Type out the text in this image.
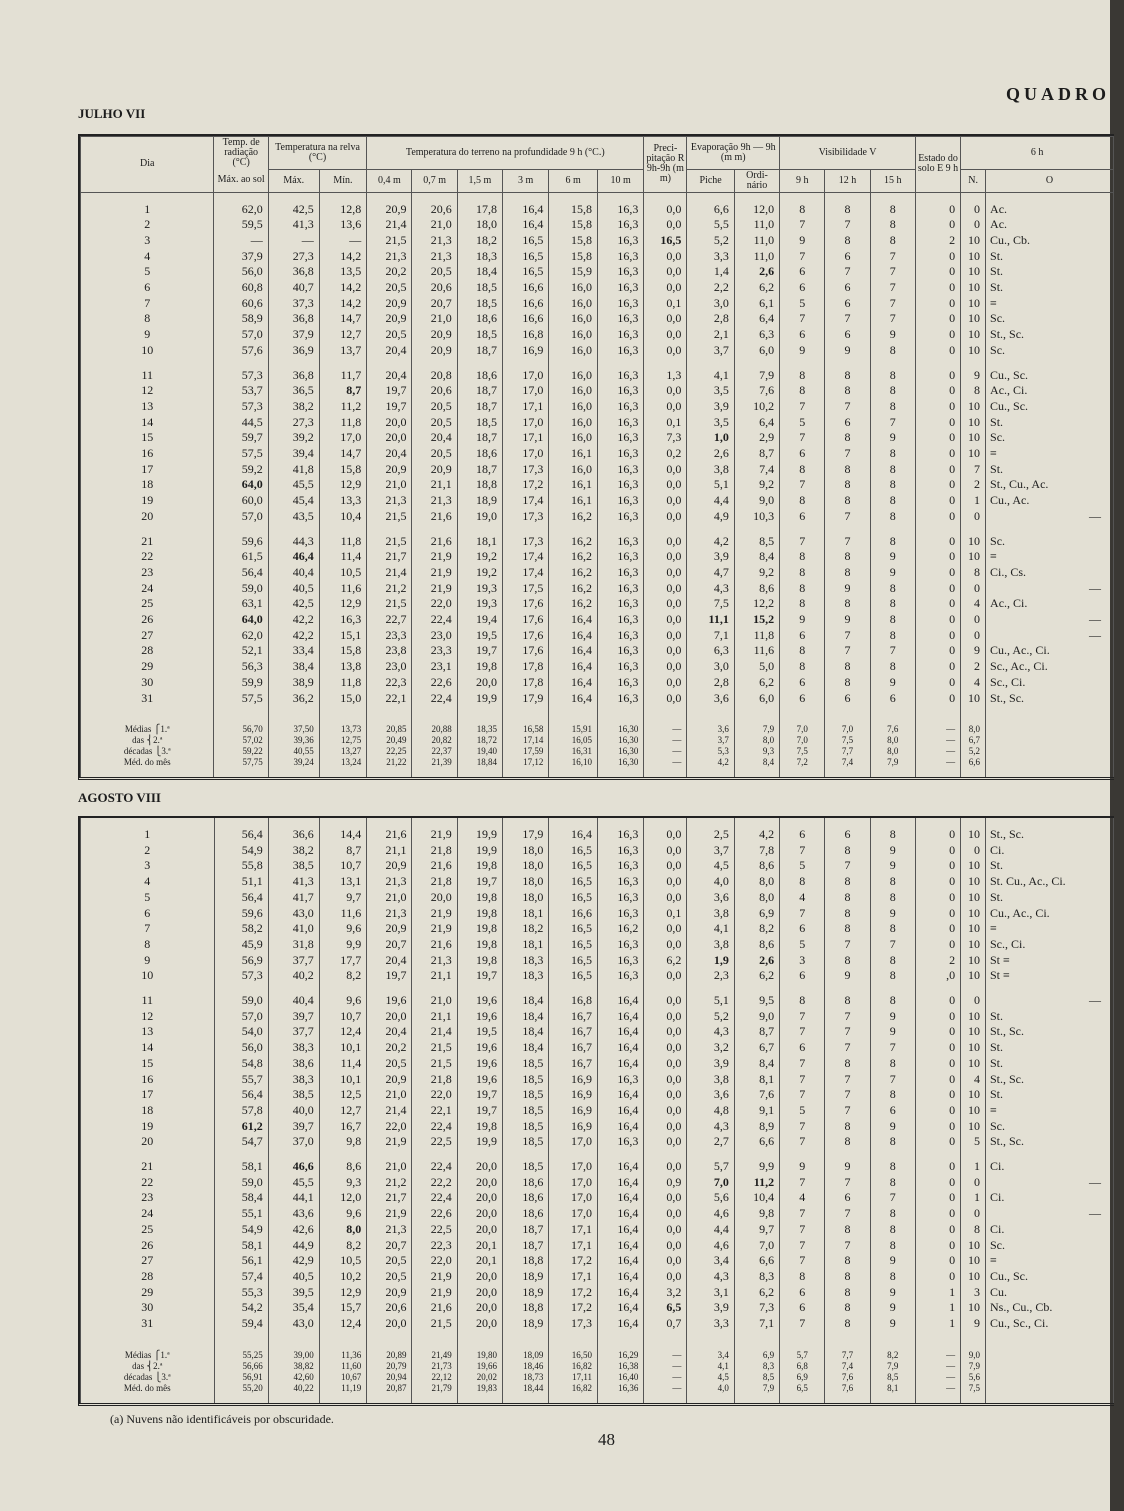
QUADRO
JULHO VII
Dia	Temp. de radiação (°C)	Temperatura na relva (°C)		Temperatura do terreno na profundidade 9 h (°C.)						Preci- pitação R 9h-9h (m m)	Evaporação 9h — 9h (m m)		Visibilidade V			Estado do solo E 9 h	6 h	
	Máx. ao sol	Máx.	Mín.	0,4 m	0,7 m	1,5 m	3 m	6 m	10 m		Piche	Ordi- nário	9 h	12 h	15 h		N.	O

1	62,0	42,5	12,8	20,9	20,6	17,8	16,4	15,8	16,3	0,0	6,6	12,0	8	8	8	0	0	Ac.
2	59,5	41,3	13,6	21,4	21,0	18,0	16,4	15,8	16,3	0,0	5,5	11,0	7	7	8	0	0	Ac.
3	—	—	—	21,5	21,3	18,2	16,5	15,8	16,3	16,5	5,2	11,0	9	8	8	2	10	Cu., Cb.
4	37,9	27,3	14,2	21,3	21,3	18,3	16,5	15,8	16,3	0,0	3,3	11,0	7	6	7	0	10	St.
5	56,0	36,8	13,5	20,2	20,5	18,4	16,5	15,9	16,3	0,0	1,4	2,6	6	7	7	0	10	St.
6	60,8	40,7	14,2	20,5	20,6	18,5	16,6	16,0	16,3	0,0	2,2	6,2	6	6	7	0	10	St.
7	60,6	37,3	14,2	20,9	20,7	18,5	16,6	16,0	16,3	0,1	3,0	6,1	5	6	7	0	10	≡
8	58,9	36,8	14,7	20,9	21,0	18,6	16,6	16,0	16,3	0,0	2,8	6,4	7	7	7	0	10	Sc.
9	57,0	37,9	12,7	20,5	20,9	18,5	16,8	16,0	16,3	0,0	2,1	6,3	6	6	9	0	10	St., Sc.
10	57,6	36,9	13,7	20,4	20,9	18,7	16,9	16,0	16,3	0,0	3,7	6,0	9	9	8	0	10	Sc.

11	57,3	36,8	11,7	20,4	20,8	18,6	17,0	16,0	16,3	1,3	4,1	7,9	8	8	8	0	9	Cu., Sc.
12	53,7	36,5	8,7	19,7	20,6	18,7	17,0	16,0	16,3	0,0	3,5	7,6	8	8	8	0	8	Ac., Ci.
13	57,3	38,2	11,2	19,7	20,5	18,7	17,1	16,0	16,3	0,0	3,9	10,2	7	7	8	0	10	Cu., Sc.
14	44,5	27,3	11,8	20,0	20,5	18,5	17,0	16,0	16,3	0,1	3,5	6,4	5	6	7	0	10	St.
15	59,7	39,2	17,0	20,0	20,4	18,7	17,1	16,0	16,3	7,3	1,0	2,9	7	8	9	0	10	Sc.
16	57,5	39,4	14,7	20,4	20,5	18,6	17,0	16,1	16,3	0,2	2,6	8,7	6	7	8	0	10	≡
17	59,2	41,8	15,8	20,9	20,9	18,7	17,3	16,0	16,3	0,0	3,8	7,4	8	8	8	0	7	St.
18	64,0	45,5	12,9	21,0	21,1	18,8	17,2	16,1	16,3	0,0	5,1	9,2	7	8	8	0	2	St., Cu., Ac.
19	60,0	45,4	13,3	21,3	21,3	18,9	17,4	16,1	16,3	0,0	4,4	9,0	8	8	8	0	1	Cu., Ac.
20	57,0	43,5	10,4	21,5	21,6	19,0	17,3	16,2	16,3	0,0	4,9	10,3	6	7	8	0	0	—

21	59,6	44,3	11,8	21,5	21,6	18,1	17,3	16,2	16,3	0,0	4,2	8,5	7	7	8	0	10	Sc.
22	61,5	46,4	11,4	21,7	21,9	19,2	17,4	16,2	16,3	0,0	3,9	8,4	8	8	9	0	10	≡
23	56,4	40,4	10,5	21,4	21,9	19,2	17,4	16,2	16,3	0,0	4,7	9,2	8	8	9	0	8	Ci., Cs.
24	59,0	40,5	11,6	21,2	21,9	19,3	17,5	16,2	16,3	0,0	4,3	8,6	8	9	8	0	0	—
25	63,1	42,5	12,9	21,5	22,0	19,3	17,6	16,2	16,3	0,0	7,5	12,2	8	8	8	0	4	Ac., Ci.
26	64,0	42,2	16,3	22,7	22,4	19,4	17,6	16,4	16,3	0,0	11,1	15,2	9	9	8	0	0	—
27	62,0	42,2	15,1	23,3	23,0	19,5	17,6	16,4	16,3	0,0	7,1	11,8	6	7	8	0	0	—
28	52,1	33,4	15,8	23,8	23,3	19,7	17,6	16,4	16,3	0,0	6,3	11,6	8	7	7	0	9	Cu., Ac., Ci.
29	56,3	38,4	13,8	23,0	23,1	19,8	17,8	16,4	16,3	0,0	3,0	5,0	8	8	8	0	2	Sc., Ac., Ci.
30	59,9	38,9	11,8	22,3	22,6	20,0	17,8	16,4	16,3	0,0	2,8	6,2	6	8	9	0	4	Sc., Ci.
31	57,5	36,2	15,0	22,1	22,4	19,9	17,9	16,4	16,3	0,0	3,6	6,0	6	6	6	0	10	St., Sc.

Médias ⎧1.ª	56,70	37,50	13,73	20,85	20,88	18,35	16,58	15,91	16,30	—	3,6	7,9	7,0	7,0	7,6	—	8,0	
das ⎨2.ª	57,02	39,36	12,75	20,49	20,82	18,72	17,14	16,05	16,30	—	3,7	8,0	7,0	7,5	8,0	—	6,7	
décadas ⎩3.ª	59,22	40,55	13,27	22,25	22,37	19,40	17,59	16,31	16,30	—	5,3	9,3	7,5	7,7	8,0	—	5,2	
Méd. do mês	57,75	39,24	13,24	21,22	21,39	18,84	17,12	16,10	16,30	—	4,2	8,4	7,2	7,4	7,9	—	6,6	

AGOSTO VIII

1	56,4	36,6	14,4	21,6	21,9	19,9	17,9	16,4	16,3	0,0	2,5	4,2	6	6	8	0	10	St., Sc.
2	54,9	38,2	8,7	21,1	21,8	19,9	18,0	16,5	16,3	0,0	3,7	7,8	7	8	9	0	0	Ci.
3	55,8	38,5	10,7	20,9	21,6	19,8	18,0	16,5	16,3	0,0	4,5	8,6	5	7	9	0	10	St.
4	51,1	41,3	13,1	21,3	21,8	19,7	18,0	16,5	16,3	0,0	4,0	8,0	8	8	8	0	10	St. Cu., Ac., Ci.
5	56,4	41,7	9,7	21,0	20,0	19,8	18,0	16,5	16,3	0,0	3,6	8,0	4	8	8	0	10	St.
6	59,6	43,0	11,6	21,3	21,9	19,8	18,1	16,6	16,3	0,1	3,8	6,9	7	8	9	0	10	Cu., Ac., Ci.
7	58,2	41,0	9,6	20,9	21,9	19,8	18,2	16,5	16,2	0,0	4,1	8,2	6	8	8	0	10	≡
8	45,9	31,8	9,9	20,7	21,6	19,8	18,1	16,5	16,3	0,0	3,8	8,6	5	7	7	0	10	Sc., Ci.
9	56,9	37,7	17,7	20,4	21,3	19,8	18,3	16,5	16,3	6,2	1,9	2,6	3	8	8	2	10	St ≡
10	57,3	40,2	8,2	19,7	21,1	19,7	18,3	16,5	16,3	0,0	2,3	6,2	6	9	8	,0	10	St ≡

11	59,0	40,4	9,6	19,6	21,0	19,6	18,4	16,8	16,4	0,0	5,1	9,5	8	8	8	0	0	—
12	57,0	39,7	10,7	20,0	21,1	19,6	18,4	16,7	16,4	0,0	5,2	9,0	7	7	9	0	10	St.
13	54,0	37,7	12,4	20,4	21,4	19,5	18,4	16,7	16,4	0,0	4,3	8,7	7	7	9	0	10	St., Sc.
14	56,0	38,3	10,1	20,2	21,5	19,6	18,4	16,7	16,4	0,0	3,2	6,7	6	7	7	0	10	St.
15	54,8	38,6	11,4	20,5	21,5	19,6	18,5	16,7	16,4	0,0	3,9	8,4	7	8	8	0	10	St.
16	55,7	38,3	10,1	20,9	21,8	19,6	18,5	16,9	16,3	0,0	3,8	8,1	7	7	7	0	4	St., Sc.
17	56,4	38,5	12,5	21,0	22,0	19,7	18,5	16,9	16,4	0,0	3,6	7,6	7	7	8	0	10	St.
18	57,8	40,0	12,7	21,4	22,1	19,7	18,5	16,9	16,4	0,0	4,8	9,1	5	7	6	0	10	≡
19	61,2	39,7	16,7	22,0	22,4	19,8	18,5	16,9	16,4	0,0	4,3	8,9	7	8	9	0	10	Sc.
20	54,7	37,0	9,8	21,9	22,5	19,9	18,5	17,0	16,3	0,0	2,7	6,6	7	8	8	0	5	St., Sc.

21	58,1	46,6	8,6	21,0	22,4	20,0	18,5	17,0	16,4	0,0	5,7	9,9	9	9	8	0	1	Ci.
22	59,0	45,5	9,3	21,2	22,2	20,0	18,6	17,0	16,4	0,9	7,0	11,2	7	7	8	0	0	—
23	58,4	44,1	12,0	21,7	22,4	20,0	18,6	17,0	16,4	0,0	5,6	10,4	4	6	7	0	1	Ci.
24	55,1	43,6	9,6	21,9	22,6	20,0	18,6	17,0	16,4	0,0	4,6	9,8	7	7	8	0	0	—
25	54,9	42,6	8,0	21,3	22,5	20,0	18,7	17,1	16,4	0,0	4,4	9,7	7	8	8	0	8	Ci.
26	58,1	44,9	8,2	20,7	22,3	20,1	18,7	17,1	16,4	0,0	4,6	7,0	7	7	8	0	10	Sc.
27	56,1	42,9	10,5	20,5	22,0	20,1	18,8	17,2	16,4	0,0	3,4	6,6	7	8	9	0	10	≡
28	57,4	40,5	10,2	20,5	21,9	20,0	18,9	17,1	16,4	0,0	4,3	8,3	8	8	8	0	10	Cu., Sc.
29	55,3	39,5	12,9	20,9	21,9	20,0	18,9	17,2	16,4	3,2	3,1	6,2	6	8	9	1	3	Cu.
30	54,2	35,4	15,7	20,6	21,6	20,0	18,8	17,2	16,4	6,5	3,9	7,3	6	8	9	1	10	Ns., Cu., Cb.
31	59,4	43,0	12,4	20,0	21,5	20,0	18,9	17,3	16,4	0,7	3,3	7,1	7	8	9	1	9	Cu., Sc., Ci.

Médias ⎧1.ª	55,25	39,00	11,36	20,89	21,49	19,80	18,09	16,50	16,29	—	3,4	6,9	5,7	7,7	8,2	—	9,0	
das ⎨2.ª	56,66	38,82	11,60	20,79	21,73	19,66	18,46	16,82	16,38	—	4,1	8,3	6,8	7,4	7,9	—	7,9	
décadas ⎩3.ª	56,91	42,60	10,67	20,94	22,12	20,02	18,73	17,11	16,40	—	4,5	8,5	6,9	7,6	8,5	—	5,6	
Méd. do mês	55,20	40,22	11,19	20,87	21,79	19,83	18,44	16,82	16,36	—	4,0	7,9	6,5	7,6	8,1	—	7,5	

(a) Nuvens não identificáveis por obscuridade.
48
